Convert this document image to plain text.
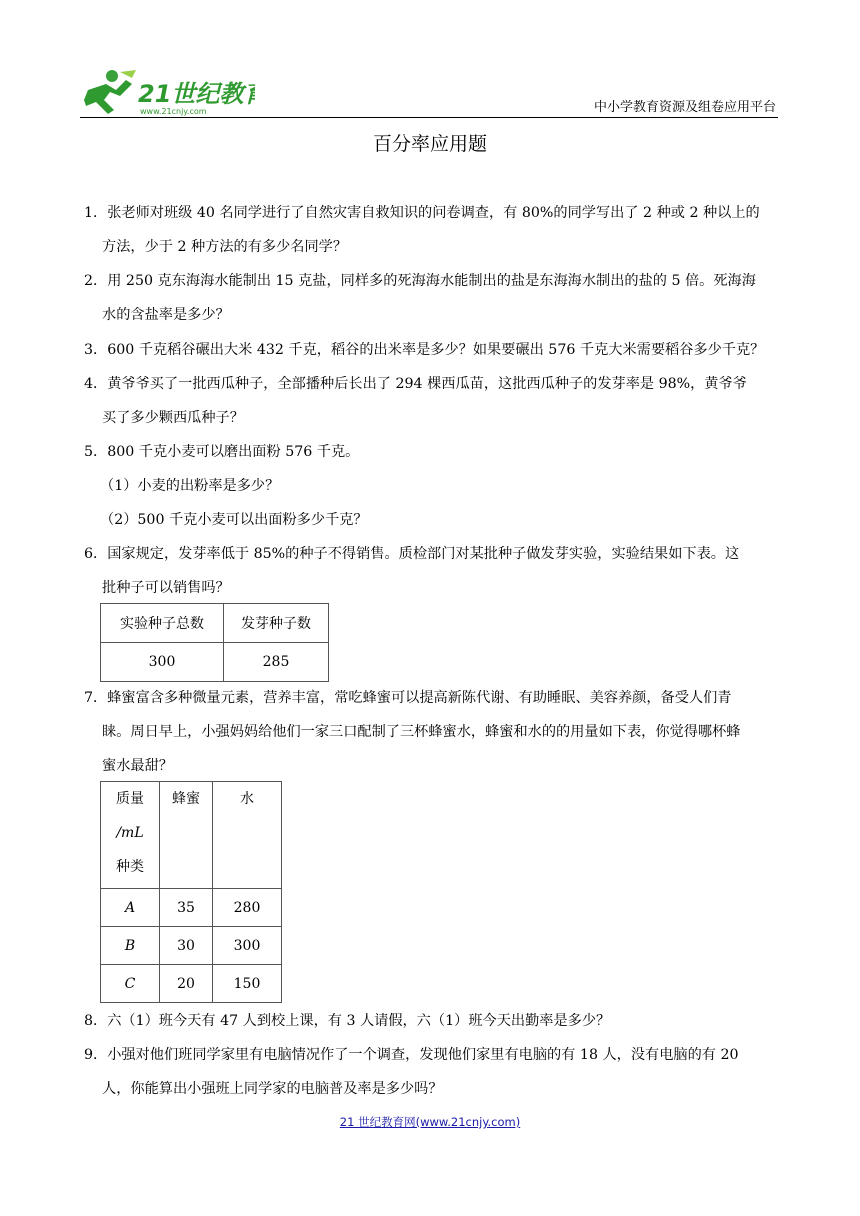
21世纪教育
www.21cnjy.com	中小学教育资源及组卷应用平台
百分率应用题
1．张老师对班级 40 名同学进行了自然灾害自救知识的问卷调查，有 80%的同学写出了 2 种或 2 种以上的
方法，少于 2 种方法的有多少名同学？
2．用 250 克东海海水能制出 15 克盐，同样多的死海海水能制出的盐是东海海水制出的盐的 5 倍。死海海
水的含盐率是多少？
3．600 千克稻谷碾出大米 432 千克，稻谷的出米率是多少？如果要碾出 576 千克大米需要稻谷多少千克？
4．黄爷爷买了一批西瓜种子，全部播种后长出了 294 棵西瓜苗，这批西瓜种子的发芽率是 98%，黄爷爷
买了多少颗西瓜种子？
5．800 千克小麦可以磨出面粉 576 千克。
（1）小麦的出粉率是多少？
（2）500 千克小麦可以出面粉多少千克？
6．国家规定，发芽率低于 85%的种子不得销售。质检部门对某批种子做发芽实验，实验结果如下表。这
批种子可以销售吗？
实验种子总数	发芽种子数
300	285
7．蜂蜜富含多种微量元素，营养丰富，常吃蜂蜜可以提高新陈代谢、有助睡眠、美容养颜，备受人们青
睐。周日早上，小强妈妈给他们一家三口配制了三杯蜂蜜水，蜂蜜和水的的用量如下表，你觉得哪杯蜂
蜜水最甜？
质量
/mL
种类	蜂蜜	水
A	35	280
B	30	300
C	20	150
8．六（1）班今天有 47 人到校上课，有 3 人请假，六（1）班今天出勤率是多少？
9．小强对他们班同学家里有电脑情况作了一个调查，发现他们家里有电脑的有 18 人，没有电脑的有 20
人，你能算出小强班上同学家的电脑普及率是多少吗？
21 世纪教育网(www.21cnjy.com)
